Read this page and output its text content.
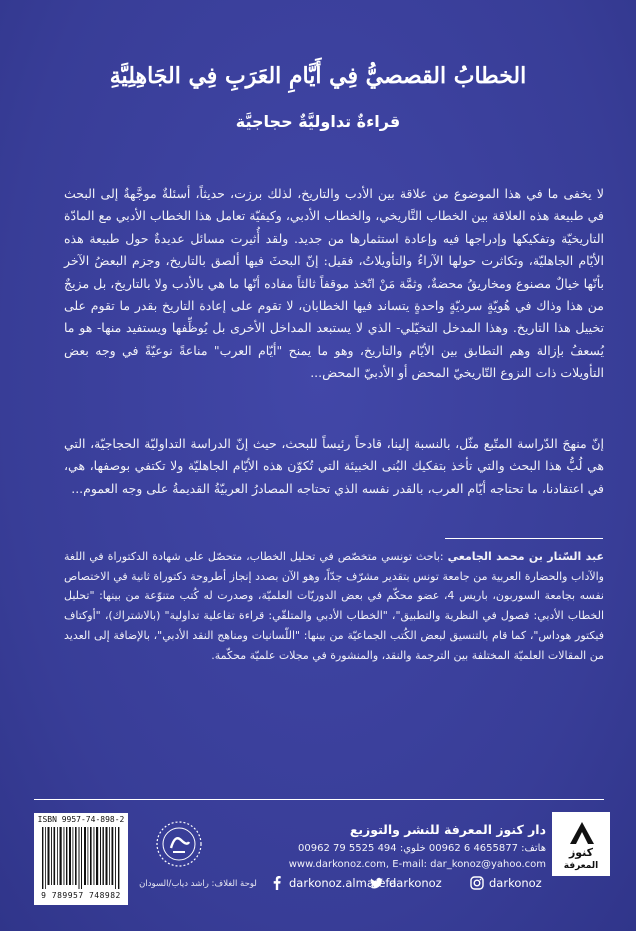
الخطابُ القصصيُّ فِي أَيَّامِ العَرَبِ فِي الجَاهِلِيَّةِ
قراءةٌ تداوليَّةٌ حجاجيَّة
لا يخفى ما في هذا الموضوع من علاقة بين الأدب والتاريخ، لذلك برزت، حديثاً، أسئلةٌ موجَّهةٌ إلى البحث في طبيعة هذه العلاقة بين الخطاب التَّاريخي، والخطاب الأدبي، وكيفيّة تعامل هذا الخطاب الأدبي مع المادّة التاريخيّة وتفكيكها وإدراجها فيه وإعادة استثمارها من جديد. ولقد أُثيرت مسائل عديدةٌ حول طبيعة هذه الأيّام الجاهليّة، وتكاثرت حولها الآراءُ والتأويلاتُ، فقيل: إنّ البحثَ فيها ألصق بالتاريخ، وجزم البعضُ الآخر بأنّها خيالٌ مصنوع ومخاريقُ محضةٌ، وثمَّة مَنْ اتّخذ موقفاً ثالثاً مفاده أنّها ما هي بالأدب ولا بالتاريخ، بل مزيجٌ من هذا وذاك في هُويّةٍ سرديّةٍ واحدةٍ يتساند فيها الخطابان، لا تقوم على إعادة التاريخ بقدر ما تقوم على تخييل هذا التاريخ. وهذا المدخل التخيّلي- الذي لا يستبعد المداخل الأخرى بل يُوظِّفها ويستفيد منها- هو ما يُسعفُ بإزالة وهم التطابق بين الأيّام والتاريخ، وهو ما يمنح "أيّام العرب" مناعةً نوعيّةً في وجه بعض التأويلات ذات النزوع التّاريخيّ المحض أو الأدبيّ المحض...
إنّ منهجَ الدّراسة المتّبع مثّل، بالنسبة إلينا، قادحاً رئيساً للبحث، حيث إنّ الدراسة التداوليّة الحجاجيّة، التي هي لُبُّ هذا البحث والتي تأخذ بتفكيك البُنى الخبيئة التي تُكوّن هذه الأيّام الجاهليّة ولا تكتفي بوصفها، هي، في اعتقادنا، ما تحتاجه أيّام العرب، بالقدر نفسه الذي تحتاجه المصادرُ العربيّةُ القديمةُ على وجه العموم...
عبد السّتار بن محمد الجامعي :باحث تونسي متخصّص في تحليل الخطاب، متحصّل على شهادة الدكتوراة في اللغة والآداب والحضارة العربية من جامعة تونس بتقدير مشرّف جدّاً، وهو الآن بصدد إنجاز أطروحة دكتوراة ثانية في الاختصاص نفسه بجامعة السوربون، باريس 4، عضو محكّم في بعض الدوريّات العلميّة، وصدرت له كُتب متنوّعة من بينها: "تحليل الخطاب الأدبي: فصول في النظرية والتطبيق"، "الخطاب الأدبي والمتلقّي: قراءة تفاعلية تداولية" (بالاشتراك)، "أوكتاف فيكتور هوداس"، كما قام بالتنسيق لبعض الكُتب الجماعيّة من بينها: "اللّسانيات ومناهج النقد الأدبي"، بالإضافة إلى العديد من المقالات العلميّة المختلفة بين الترجمة والنقد، والمنشورة في مجلات علميّة محكّمة.
كنوز
المعرفة
دار كنوز المعرفة للنشر والتوزيع
هاتف: 4655877 6 00962 خلوي: 494 5525 79 00962
www.darkonoz.com, E-mail: dar_konoz@yahoo.com
darkonoz
darkonoz
darkonoz.almarefa
لوحة الغلاف: راشد دياب/السودان
ISBN 9957-74-898-2
9 789957 748982
